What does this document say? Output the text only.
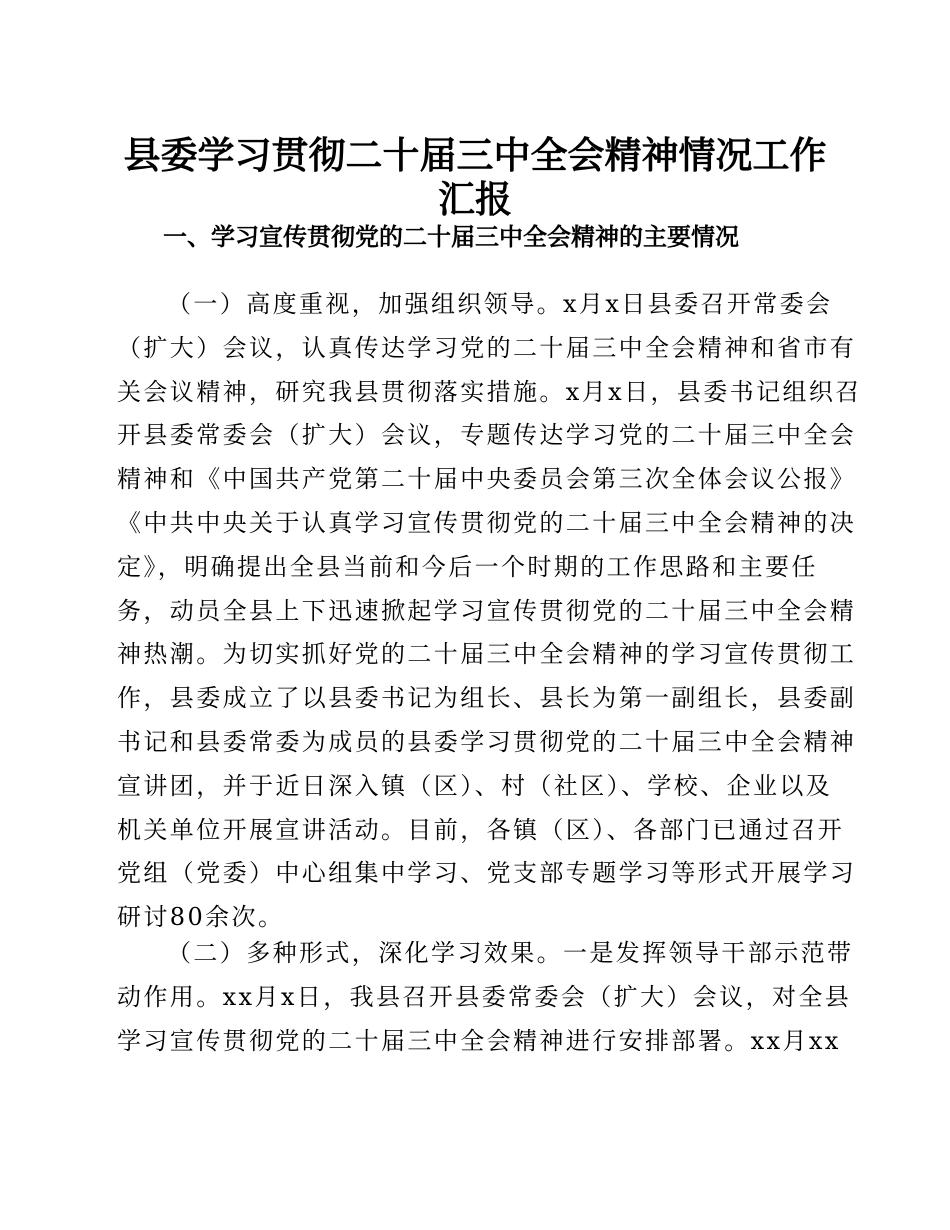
县委学习贯彻二十届三中全会精神情况工作汇报
一、学习宣传贯彻党的二十届三中全会精神的主要情况
（一）高度重视，加强组织领导。x月x日县委召开常委会
（扩大）会议，认真传达学习党的二十届三中全会精神和省市有
关会议精神，研究我县贯彻落实措施。x月x日，县委书记组织召
开县委常委会（扩大）会议，专题传达学习党的二十届三中全会
精神和《中国共产党第二十届中央委员会第三次全体会议公报》
《中共中央关于认真学习宣传贯彻党的二十届三中全会精神的决
定》，明确提出全县当前和今后一个时期的工作思路和主要任
务，动员全县上下迅速掀起学习宣传贯彻党的二十届三中全会精
神热潮。为切实抓好党的二十届三中全会精神的学习宣传贯彻工
作，县委成立了以县委书记为组长、县长为第一副组长，县委副
书记和县委常委为成员的县委学习贯彻党的二十届三中全会精神
宣讲团，并于近日深入镇（区）、村（社区）、学校、企业以及
机关单位开展宣讲活动。目前，各镇（区）、各部门已通过召开
党组（党委）中心组集中学习、党支部专题学习等形式开展学习
研讨80余次。
（二）多种形式，深化学习效果。一是发挥领导干部示范带
动作用。xx月x日，我县召开县委常委会（扩大）会议，对全县
学习宣传贯彻党的二十届三中全会精神进行安排部署。xx月xx
